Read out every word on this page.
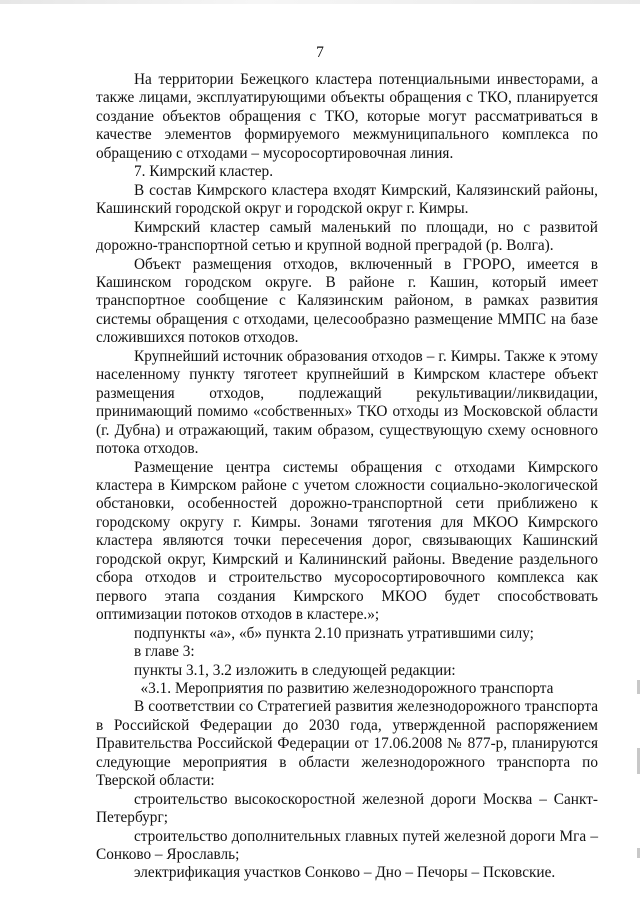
7

На территории Бежецкого кластера потенциальными инвесторами, а также лицами, эксплуатирующими объекты обращения с ТКО, планируется создание объектов обращения с ТКО, которые могут рассматриваться в качестве элементов формируемого межмуниципального комплекса по обращению с отходами – мусоросортировочная линия.

7. Кимрский кластер.

В состав Кимрского кластера входят Кимрский, Калязинский районы, Кашинский городской округ и городской округ г. Кимры.

Кимрский кластер самый маленький по площади, но с развитой дорожно-транспортной сетью и крупной водной преградой (р. Волга).

Объект размещения отходов, включенный в ГРОРО, имеется в Кашинском городском округе. В районе г. Кашин, который имеет транспортное сообщение с Калязинским районом, в рамках развития системы обращения с отходами, целесообразно размещение ММПС на базе сложившихся потоков отходов.

Крупнейший источник образования отходов – г. Кимры. Также к этому населенному пункту тяготеет крупнейший в Кимрском кластере объект размещения отходов, подлежащий рекультивации/ликвидации, принимающий помимо «собственных» ТКО отходы из Московской области (г. Дубна) и отражающий, таким образом, существующую схему основного потока отходов.

Размещение центра системы обращения с отходами Кимрского кластера в Кимрском районе с учетом сложности социально-экологической обстановки, особенностей дорожно-транспортной сети приближено к городскому округу г. Кимры. Зонами тяготения для МКОО Кимрского кластера являются точки пересечения дорог, связывающих Кашинский городской округ, Кимрский и Калининский районы. Введение раздельного сбора отходов и строительство мусоросортировочного комплекса как первого этапа создания Кимрского МКОО будет способствовать оптимизации потоков отходов в кластере.»;

подпункты «а», «б» пункта 2.10 признать утратившими силу;

в главе 3:

пункты 3.1, 3.2 изложить в следующей редакции:

«3.1. Мероприятия по развитию железнодорожного транспорта

В соответствии со Стратегией развития железнодорожного транспорта в Российской Федерации до 2030 года, утвержденной распоряжением Правительства Российской Федерации от 17.06.2008 № 877-р, планируются следующие мероприятия в области железнодорожного транспорта по Тверской области:

строительство высокоскоростной железной дороги Москва – Санкт-Петербург;

строительство дополнительных главных путей железной дороги Мга – Сонково – Ярославль;

электрификация участков Сонково – Дно – Печоры – Псковские.
